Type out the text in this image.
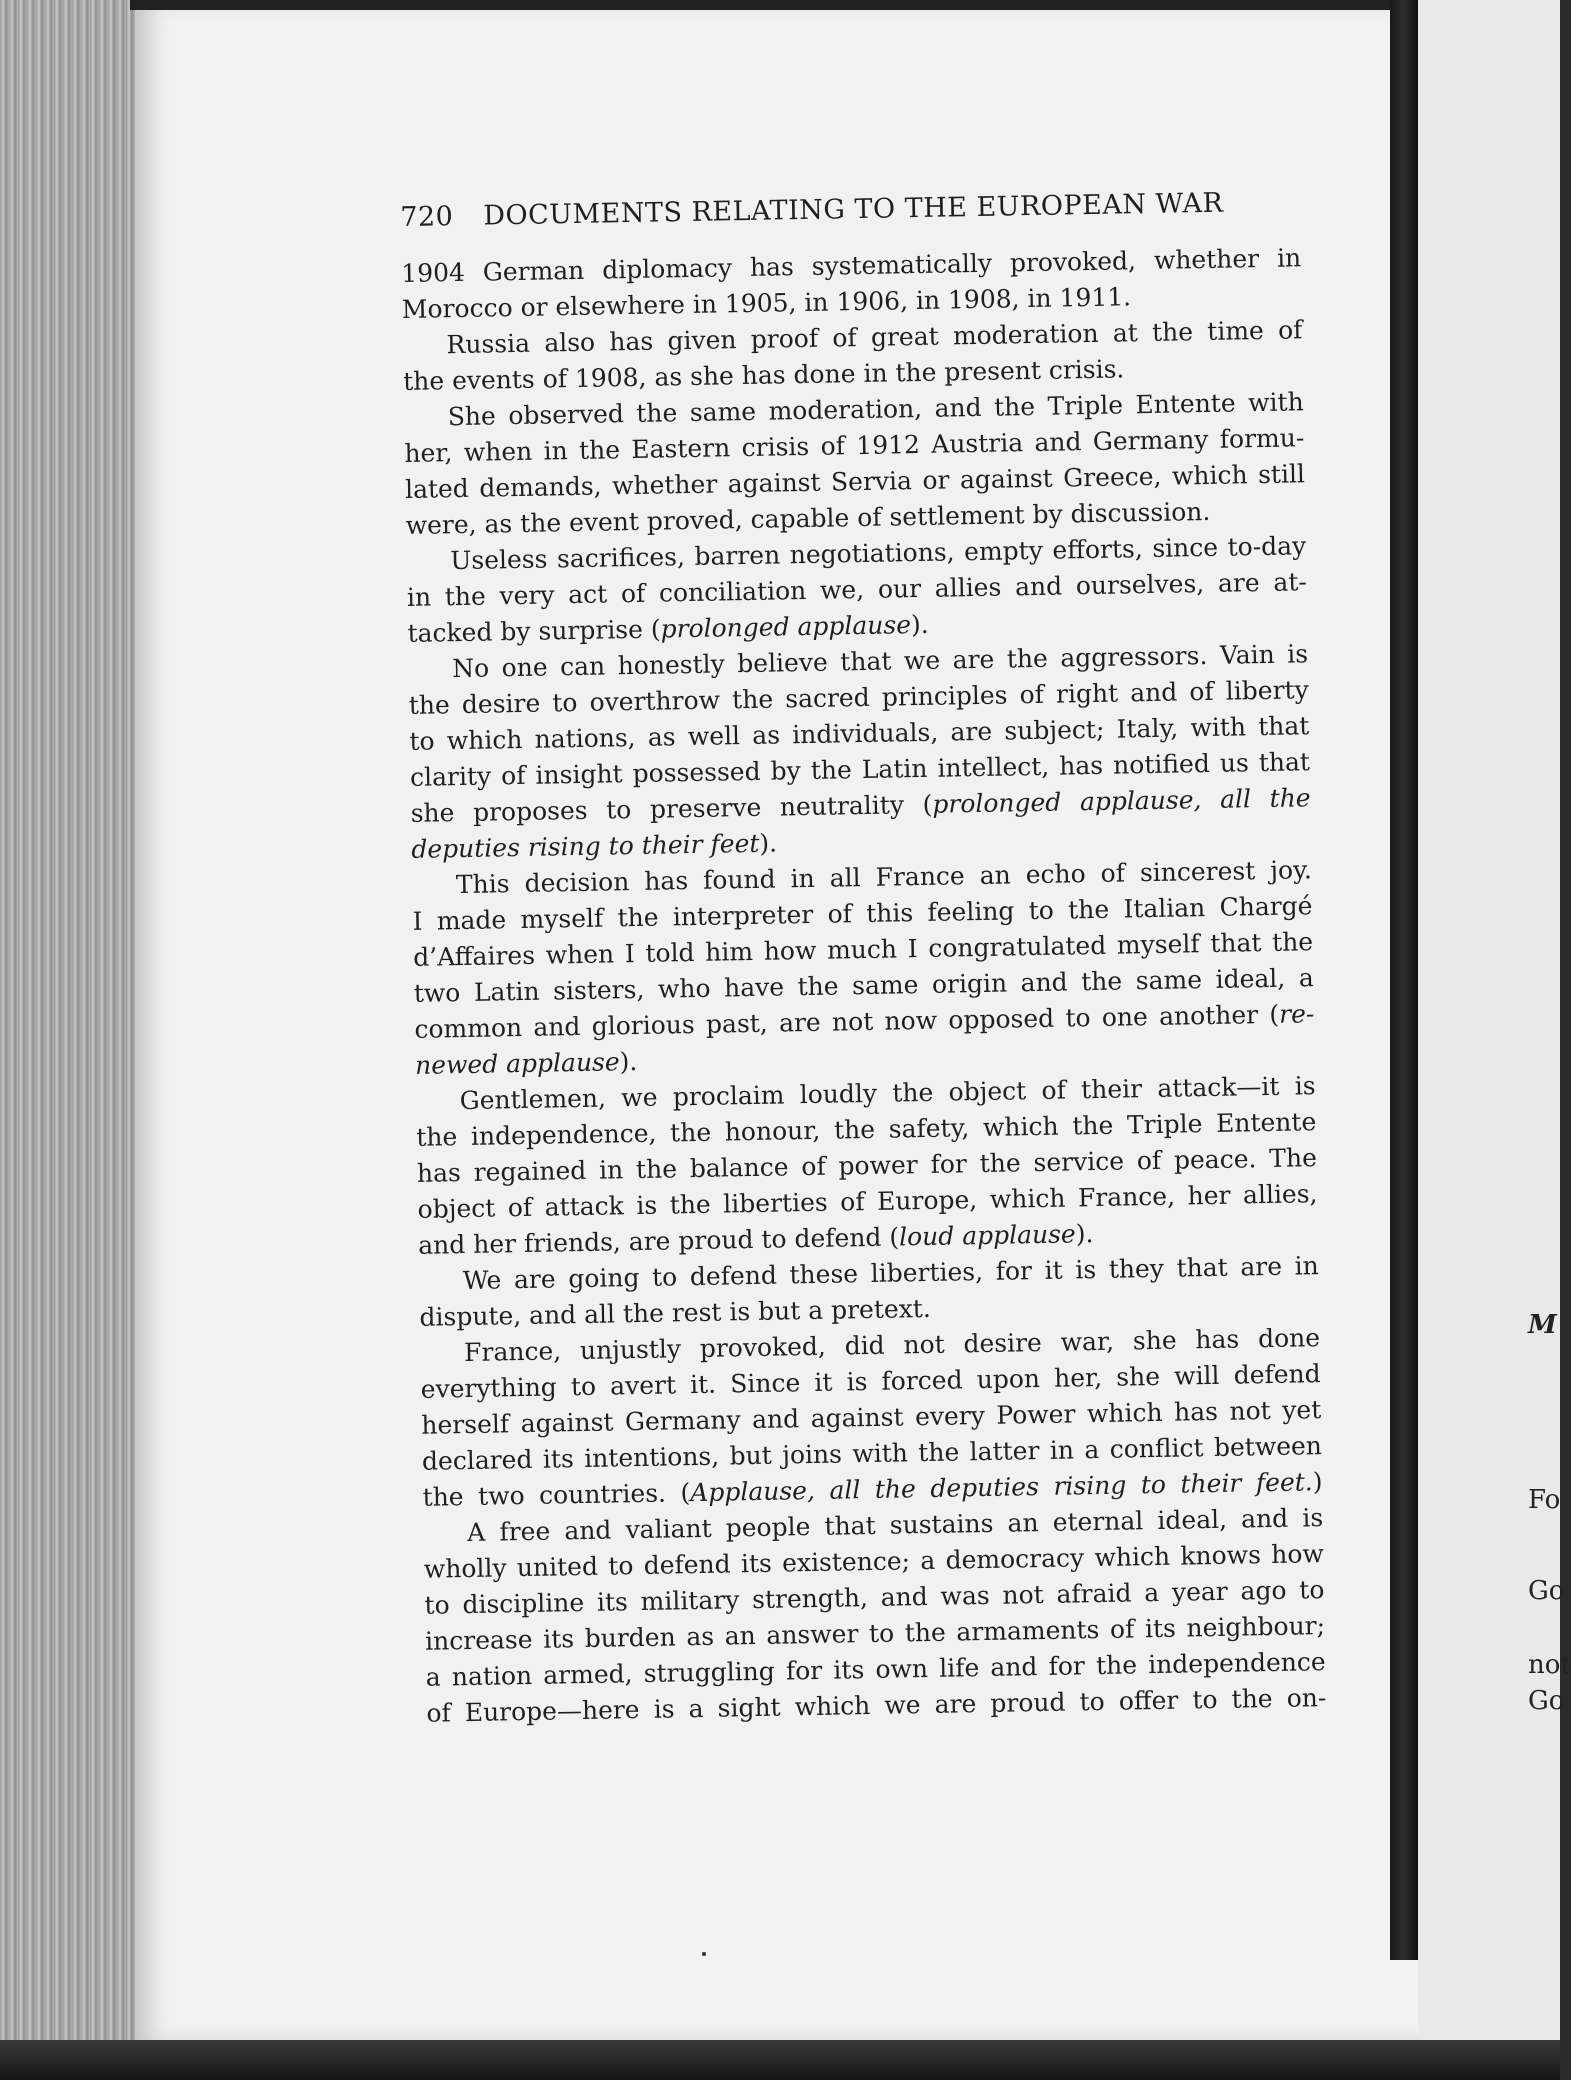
M
Fo
Go
not
Go
720 DOCUMENTS RELATING TO THE EUROPEAN WAR
1904 German diplomacy has systematically provoked, whether in
Morocco or elsewhere in 1905, in 1906, in 1908, in 1911.
Russia also has given proof of great moderation at the time of
the events of 1908, as she has done in the present crisis.
She observed the same moderation, and the Triple Entente with
her, when in the Eastern crisis of 1912 Austria and Germany formu-
lated demands, whether against Servia or against Greece, which still
were, as the event proved, capable of settlement by discussion.
Useless sacrifices, barren negotiations, empty efforts, since to-day
in the very act of conciliation we, our allies and ourselves, are at-
tacked by surprise (prolonged applause).
No one can honestly believe that we are the aggressors. Vain is
the desire to overthrow the sacred principles of right and of liberty
to which nations, as well as individuals, are subject; Italy, with that
clarity of insight possessed by the Latin intellect, has notified us that
she proposes to preserve neutrality (prolonged applause, all the
deputies rising to their feet).
This decision has found in all France an echo of sincerest joy.
I made myself the interpreter of this feeling to the Italian Chargé
d’Affaires when I told him how much I congratulated myself that the
two Latin sisters, who have the same origin and the same ideal, a
common and glorious past, are not now opposed to one another (re-
newed applause).
Gentlemen, we proclaim loudly the object of their attack—it is
the independence, the honour, the safety, which the Triple Entente
has regained in the balance of power for the service of peace. The
object of attack is the liberties of Europe, which France, her allies,
and her friends, are proud to defend (loud applause).
We are going to defend these liberties, for it is they that are in
dispute, and all the rest is but a pretext.
France, unjustly provoked, did not desire war, she has done
everything to avert it. Since it is forced upon her, she will defend
herself against Germany and against every Power which has not yet
declared its intentions, but joins with the latter in a conflict between
the two countries. (Applause, all the deputies rising to their feet.)
A free and valiant people that sustains an eternal ideal, and is
wholly united to defend its existence; a democracy which knows how
to discipline its military strength, and was not afraid a year ago to
increase its burden as an answer to the armaments of its neighbour;
a nation armed, struggling for its own life and for the independence
of Europe—here is a sight which we are proud to offer to the on-
